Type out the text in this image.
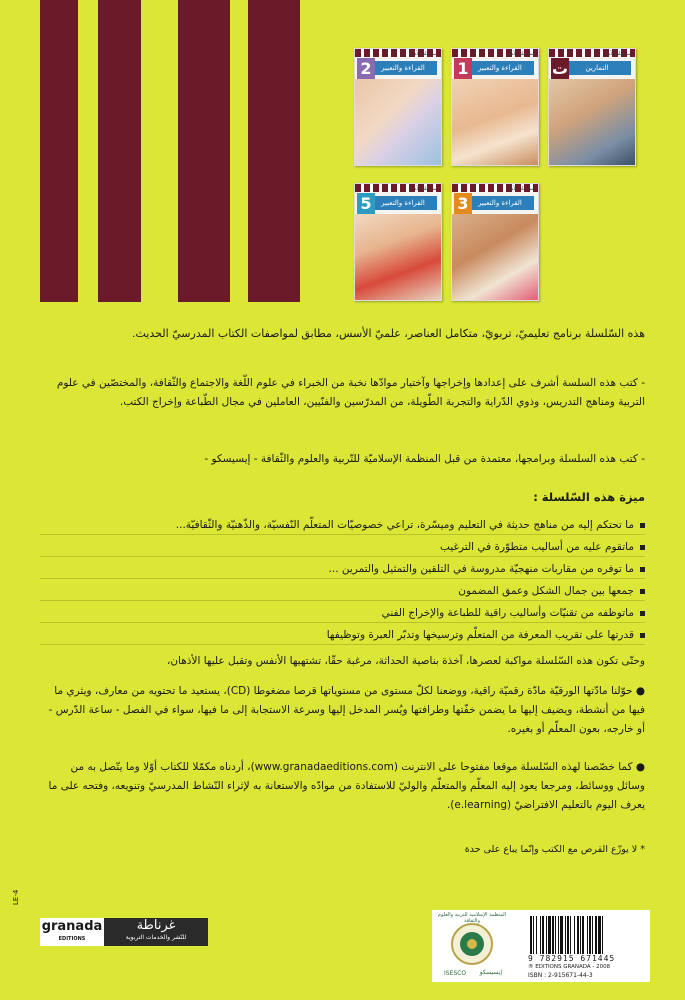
سلسلة الأمل
القراءة والتعبير
2
سلسلة الأمل
القراءة والتعبير
1
سلسلة الأمل
التمارين
ت
سلسلة الأمل
القراءة والتعبير
5
سلسلة الأمل
القراءة والتعبير
3
هذه السّلسلة برنامج تعليميّ، تربويّ، متكامل العناصر، علميّ الأسس، مطابق لمواصفات الكتاب المدرسيّ الحديث.
- كتب هذه السلسة أشرف على إعدادها وإخراجها وآختيار موادّها نخبة من الخبراء في علوم اللّغة والاجتماع والثّقافة، والمختصّين في علوم التربية ومناهج التدريس، وذوي الدّراية والتجربة الطّويلة، من المدرّسين والفنّيين، العاملين في مجال الطّباعة وإخراج الكتب.
- كتب هذه السلسلة وبرامجها، معتمدة من قبل المنظمة الإسلاميّة للتّربية والعلوم والثّقافة - إيسيسكو -
ميزة هذه السّلسلة :
ما تحتكم إليه من مناهج حديثة في التعليم وميسّرة، تراعي خصوصيّات المتعلّم النّفسيّة، والذّهنيّة والثّقافيّة...
ماتقوم عليه من أساليب متطوّرة في الترغيب
ما توفره من مقاربات منهجيّة مدروسة في التلقين والتمثيل والتمرين ...
جمعها بين جمال الشكل وعمق المضمون
ماتوظفه من تقنيّات وأساليب راقية للطباعة والإخراج الفني
قدرتها على تقريب المعرفة من المتعلّم وترسيخها وتدبّر العبرة وتوظيفها
وحتّى تكون هذه السّلسلة مواكبة لعصرها، آخذة بناصية الحداثة، مرغبة حقّا، تشتهيها الأنفس وتقبل عليها الأذهان،
● حوّلنا مادّتها الورقيّة مادّة رقميّة راقية، ووضعنا لكلّ مستوى من مستوياتها قرصا مضغوطا (CD)، يستعيد ما تحتويه من معارف، ويثري ما فيها من أنشطة، ويضيف إليها ما يضمن خفّتها وطرافتها ويُسر المدخل إليها وسرعة الاستجابة إلى ما فيها، سواء في الفصل - ساعة الدّرس - أو خارجه، بعون المعلّم أو بغيره.
● كما خصّصنا لهذه السّلسلة موقعا مفتوحا على الانترنت (www.granadaeditions.com)، أردناه مكمّلا للكتاب أوّلا وما يتّصل به من وسائل ووسائط، ومرجعا يعود إليه المعلّم والمتعلّم والوليّ للاستفادة من موادّه والاستعانة به لإثراء النّشاط المدرسيّ وتنويعه، وفتحه على ما يعرف اليوم بالتعليم الافتراضيّ (e.learning).
* لا يوزّع القرص مع الكتب وإنّما يباع على حدة
LE-4
granada
EDITIONS
غرناطة
للنّشر والخدمات التربوية
المنظمة الإسلامية للتربية والعلوم والثقافة
ISESCO إيسيسكو
9 782915 671445
® EDITIONS GRANADA - 2008
ISBN : 2-915671-44-3
